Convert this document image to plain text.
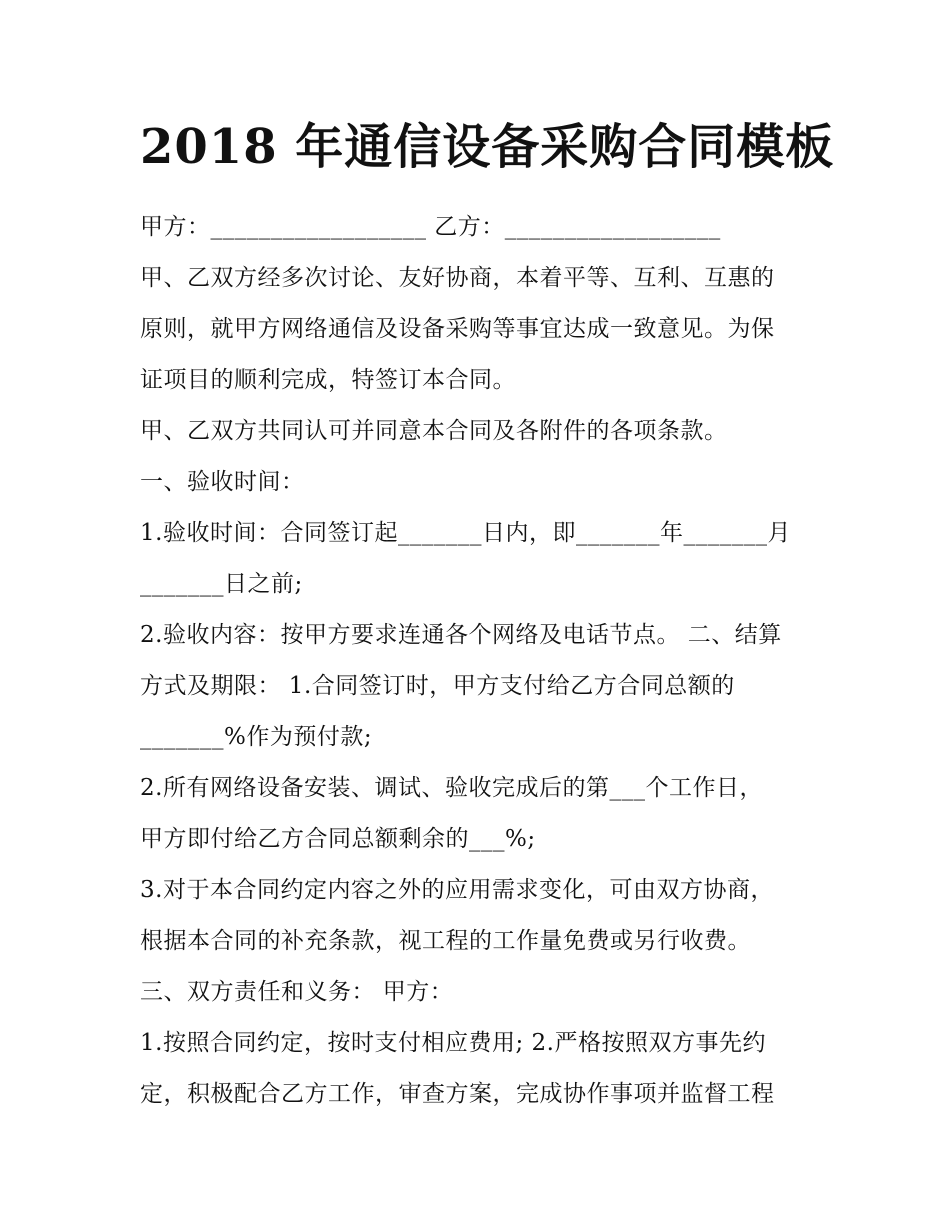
2018 年通信设备采购合同模板
甲方：__________________ 乙方：__________________
甲、乙双方经多次讨论、友好协商，本着平等、互利、互惠的
原则，就甲方网络通信及设备采购等事宜达成一致意见。为保
证项目的顺利完成，特签订本合同。
甲、乙双方共同认可并同意本合同及各附件的各项条款。
一、验收时间：
1.验收时间：合同签订起_______日内，即_______年_______月
_______日之前;
2.验收内容：按甲方要求连通各个网络及电话节点。 二、结算
方式及期限： 1.合同签订时，甲方支付给乙方合同总额的
_______%作为预付款;
2.所有网络设备安装、调试、验收完成后的第___个工作日，
甲方即付给乙方合同总额剩余的___%;
3.对于本合同约定内容之外的应用需求变化，可由双方协商，
根据本合同的补充条款，视工程的工作量免费或另行收费。
三、双方责任和义务： 甲方：
1.按照合同约定，按时支付相应费用; 2.严格按照双方事先约
定，积极配合乙方工作，审查方案，完成协作事项并监督工程
